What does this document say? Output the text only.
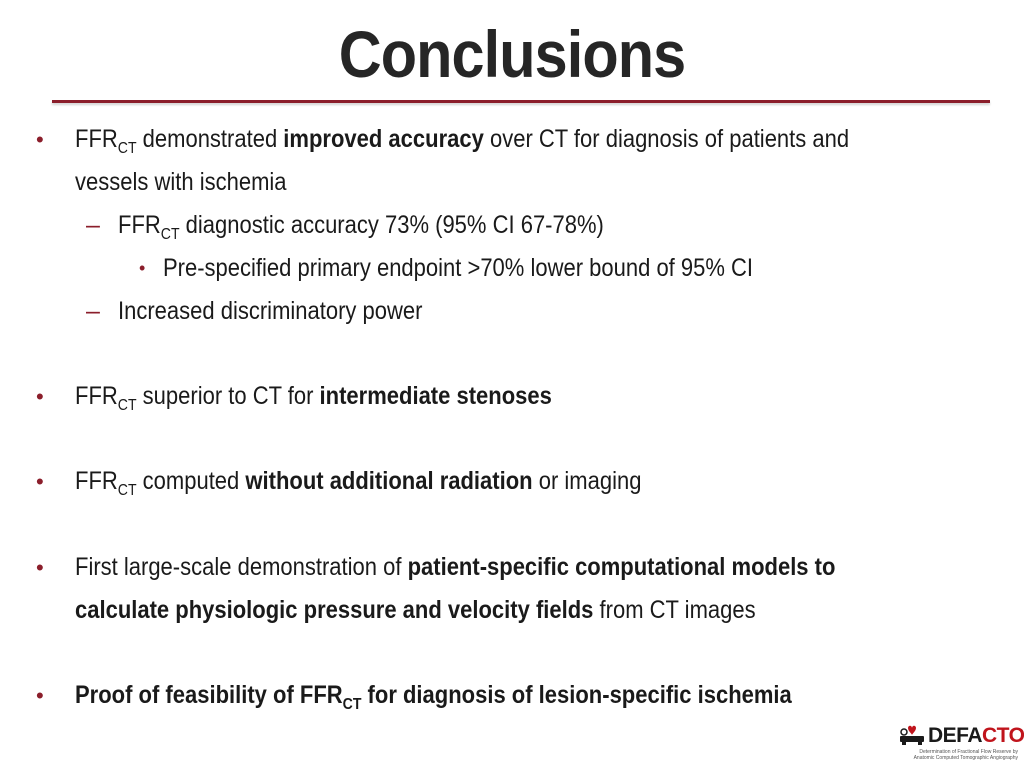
Conclusions
• $FFR_{CT}$ demonstrated improved accuracy over CT for diagnosis of patients and
vessels with ischemia
– $FFR_{CT}$ diagnostic accuracy 73% (95% CI 67-78%)
• Pre-specified primary endpoint >70% lower bound of 95% CI
– Increased discriminatory power
• $FFR_{CT}$ superior to CT for intermediate stenoses
• $FFR_{CT}$ computed without additional radiation or imaging
• First large-scale demonstration of patient-specific computational models to
calculate physiologic pressure and velocity fields from CT images
• Proof of feasibility of $FFR_{CT}$ for diagnosis of lesion-specific ischemia
DEFACTO
Determination of Fractional Flow Reserve by
Anatomic Computed Tomographic Angiography
